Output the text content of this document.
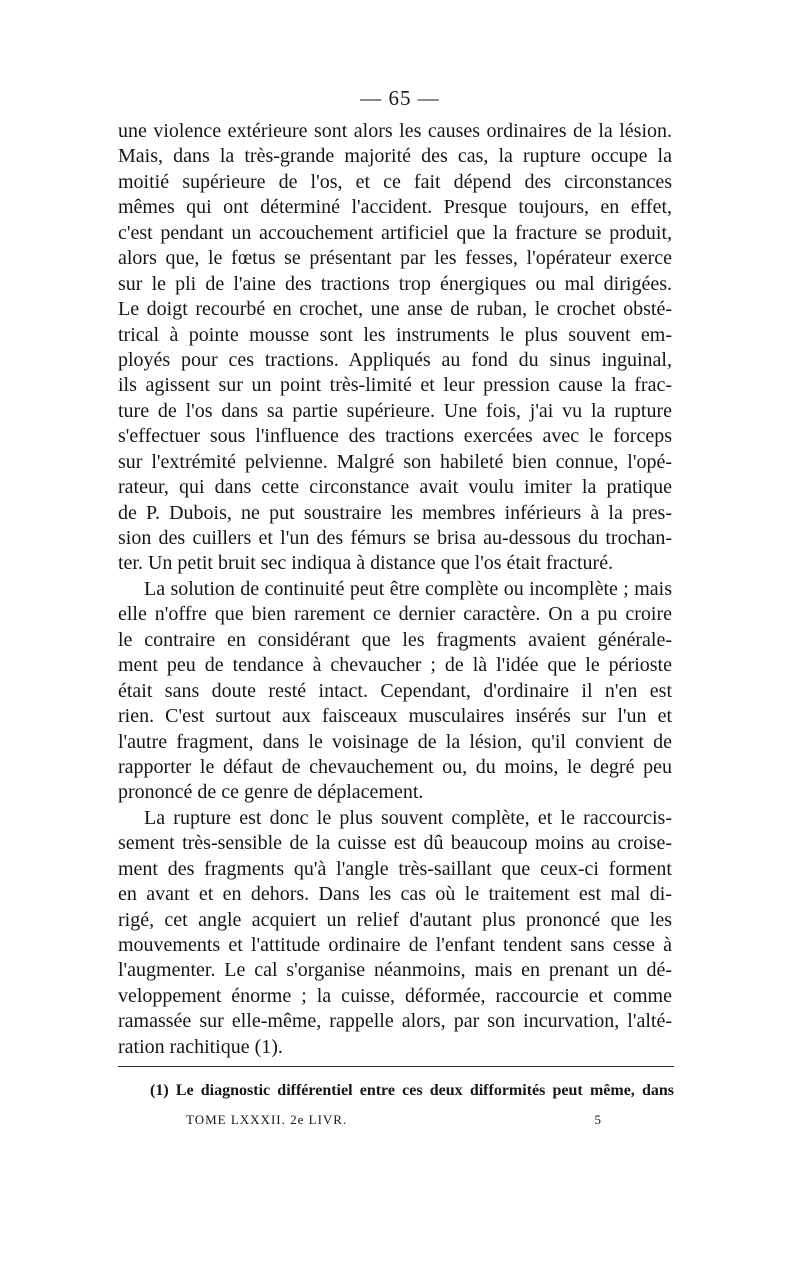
— 65 —
une violence extérieure sont alors les causes ordinaires de la lésion.
Mais, dans la très-grande majorité des cas, la rupture occupe la
moitié supérieure de l'os, et ce fait dépend des circonstances
mêmes qui ont déterminé l'accident. Presque toujours, en effet,
c'est pendant un accouchement artificiel que la fracture se produit,
alors que, le fœtus se présentant par les fesses, l'opérateur exerce
sur le pli de l'aine des tractions trop énergiques ou mal dirigées.
Le doigt recourbé en crochet, une anse de ruban, le crochet obsté-
trical à pointe mousse sont les instruments le plus souvent em-
ployés pour ces tractions. Appliqués au fond du sinus inguinal,
ils agissent sur un point très-limité et leur pression cause la frac-
ture de l'os dans sa partie supérieure. Une fois, j'ai vu la rupture
s'effectuer sous l'influence des tractions exercées avec le forceps
sur l'extrémité pelvienne. Malgré son habileté bien connue, l'opé-
rateur, qui dans cette circonstance avait voulu imiter la pratique
de P. Dubois, ne put soustraire les membres inférieurs à la pres-
sion des cuillers et l'un des fémurs se brisa au-dessous du trochan-
ter. Un petit bruit sec indiqua à distance que l'os était fracturé.
La solution de continuité peut être complète ou incomplète ; mais
elle n'offre que bien rarement ce dernier caractère. On a pu croire
le contraire en considérant que les fragments avaient générale-
ment peu de tendance à chevaucher ; de là l'idée que le périoste
était sans doute resté intact. Cependant, d'ordinaire il n'en est
rien. C'est surtout aux faisceaux musculaires insérés sur l'un et
l'autre fragment, dans le voisinage de la lésion, qu'il convient de
rapporter le défaut de chevauchement ou, du moins, le degré peu
prononcé de ce genre de déplacement.
La rupture est donc le plus souvent complète, et le raccourcis-
sement très-sensible de la cuisse est dû beaucoup moins au croise-
ment des fragments qu'à l'angle très-saillant que ceux-ci forment
en avant et en dehors. Dans les cas où le traitement est mal di-
rigé, cet angle acquiert un relief d'autant plus prononcé que les
mouvements et l'attitude ordinaire de l'enfant tendent sans cesse à
l'augmenter. Le cal s'organise néanmoins, mais en prenant un dé-
veloppement énorme ; la cuisse, déformée, raccourcie et comme
ramassée sur elle-même, rappelle alors, par son incurvation, l'alté-
ration rachitique (1).
(1) Le diagnostic différentiel entre ces deux difformités peut même, dans
TOME LXXXII. 2e LIVR.	5
